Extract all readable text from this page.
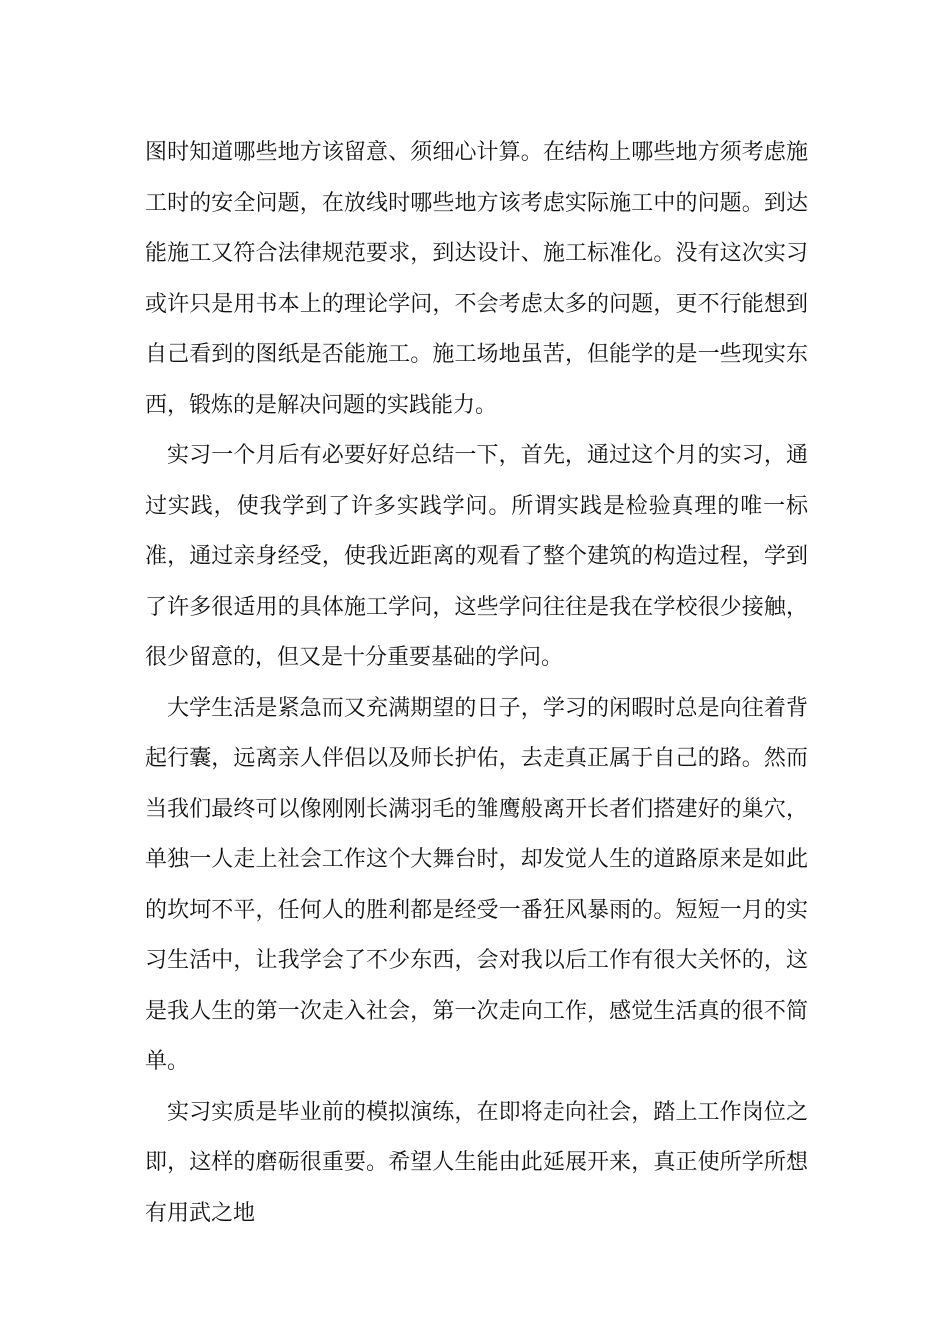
图时知道哪些地方该留意、须细心计算。在结构上哪些地方须考虑施工时的安全问题，在放线时哪些地方该考虑实际施工中的问题。到达能施工又符合法律规范要求，到达设计、施工标准化。没有这次实习或许只是用书本上的理论学问，不会考虑太多的问题，更不行能想到自己看到的图纸是否能施工。施工场地虽苦，但能学的是一些现实东西，锻炼的是解决问题的实践能力。

实习一个月后有必要好好总结一下，首先，通过这个月的实习，通过实践，使我学到了许多实践学问。所谓实践是检验真理的唯一标准，通过亲身经受，使我近距离的观看了整个建筑的构造过程，学到了许多很适用的具体施工学问，这些学问往往是我在学校很少接触，很少留意的，但又是十分重要基础的学问。

大学生活是紧急而又充满期望的日子，学习的闲暇时总是向往着背起行囊，远离亲人伴侣以及师长护佑，去走真正属于自己的路。然而当我们最终可以像刚刚长满羽毛的雏鹰般离开长者们搭建好的巢穴，单独一人走上社会工作这个大舞台时，却发觉人生的道路原来是如此的坎坷不平，任何人的胜利都是经受一番狂风暴雨的。短短一月的实习生活中，让我学会了不少东西，会对我以后工作有很大关怀的，这是我人生的第一次走入社会，第一次走向工作，感觉生活真的很不简单。

实习实质是毕业前的模拟演练，在即将走向社会，踏上工作岗位之即，这样的磨砺很重要。希望人生能由此延展开来，真正使所学所想有用武之地
